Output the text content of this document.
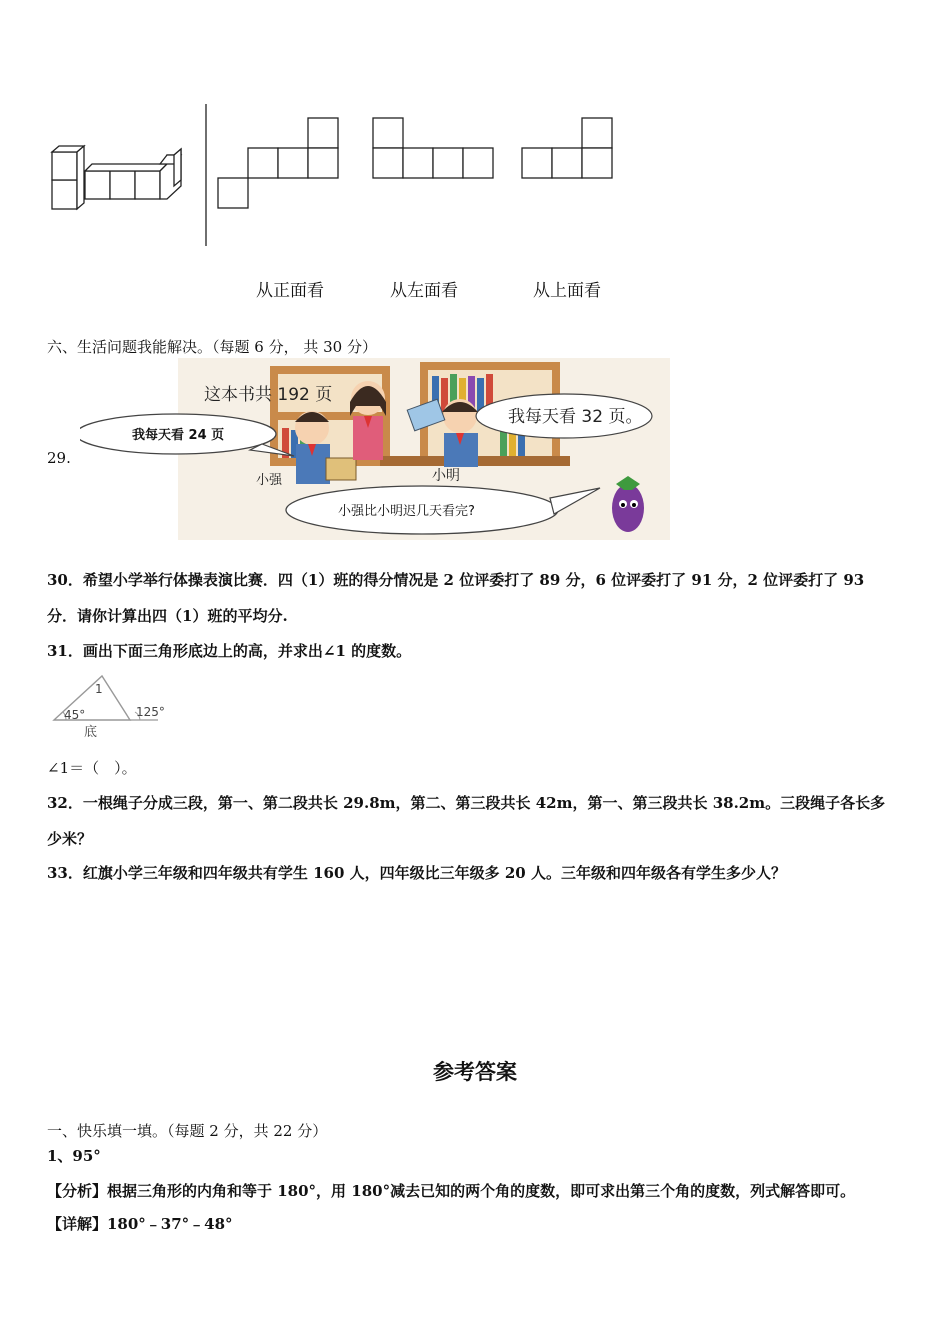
从正面看	从左面看	从上面看
六、生活问题我能解决。（每题 6 分， 共 30 分）
29.
这本书共 192 页
我每天看 24 页
我每天看 32 页。
小强	小明
小强比小明迟几天看完?
30．希望小学举行体操表演比赛．四（1）班的得分情况是 2 位评委打了 89 分，6 位评委打了 91 分，2 位评委打了 93
分．请你计算出四（1）班的平均分.
31．画出下面三角形底边上的高，并求出∠1 的度数。
1
45°	125°
底
∠1＝（　）。
32．一根绳子分成三段，第一、第二段共长 29.8m，第二、第三段共长 42m，第一、第三段共长 38.2m。三段绳子各长多
少米？
33．红旗小学三年级和四年级共有学生 160 人，四年级比三年级多 20 人。三年级和四年级各有学生多少人？
参考答案
一、快乐填一填。（每题 2 分，共 22 分）
1、95°
【分析】根据三角形的内角和等于 180°，用 180°减去已知的两个角的度数，即可求出第三个角的度数，列式解答即可。
【详解】180°﹣37°﹣48°
